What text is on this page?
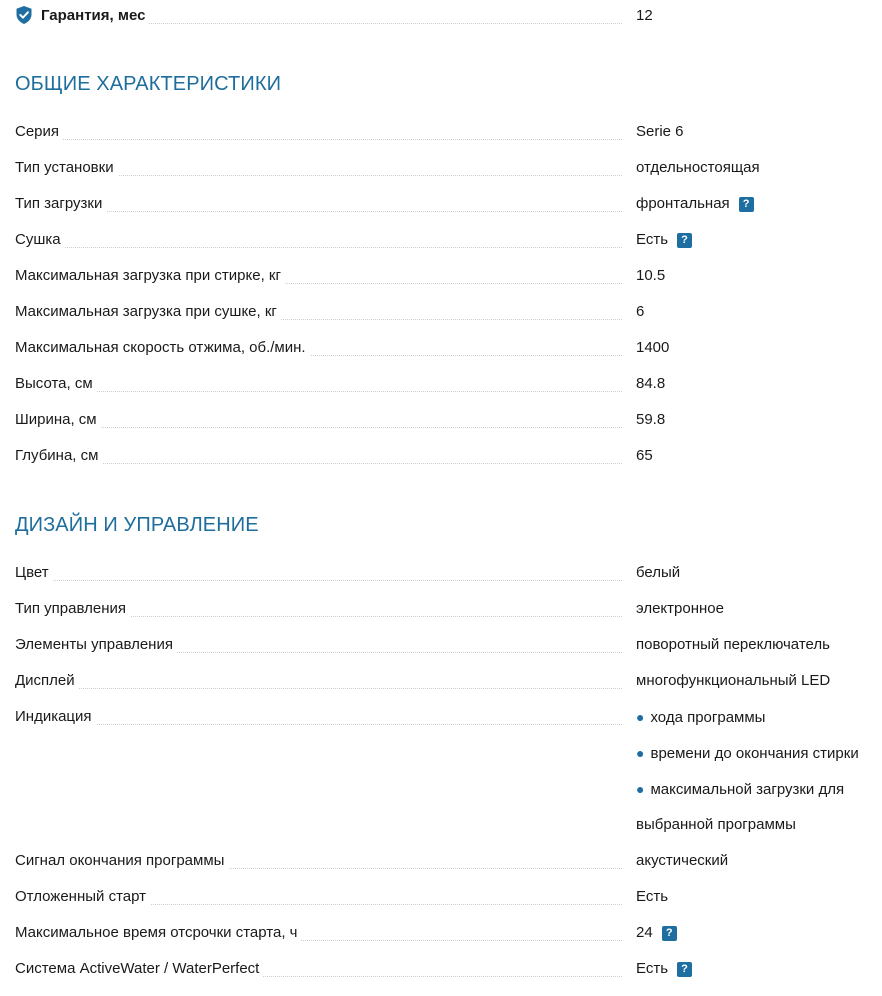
Гарантия, мес	12
ОБЩИЕ ХАРАКТЕРИСТИКИ
Серия	Serie 6
Тип установки	отдельностоящая
Тип загрузки	фронтальная	?
Сушка	Есть	?
Максимальная загрузка при стирке, кг	10.5
Максимальная загрузка при сушке, кг	6
Максимальная скорость отжима, об./мин.	1400
Высота, см	84.8
Ширина, см	59.8
Глубина, см	65
ДИЗАЙН И УПРАВЛЕНИЕ
Цвет	белый
Тип управления	электронное
Элементы управления	поворотный переключатель
Дисплей	многофункциональный LED
Индикация	● хода программы
● времени до окончания стирки
● максимальной загрузки для
выбранной программы
Сигнал окончания программы	акустический
Отложенный старт	Есть
Максимальное время отсрочки старта, ч	24	?
Система ActiveWater / WaterPerfect	Есть	?
